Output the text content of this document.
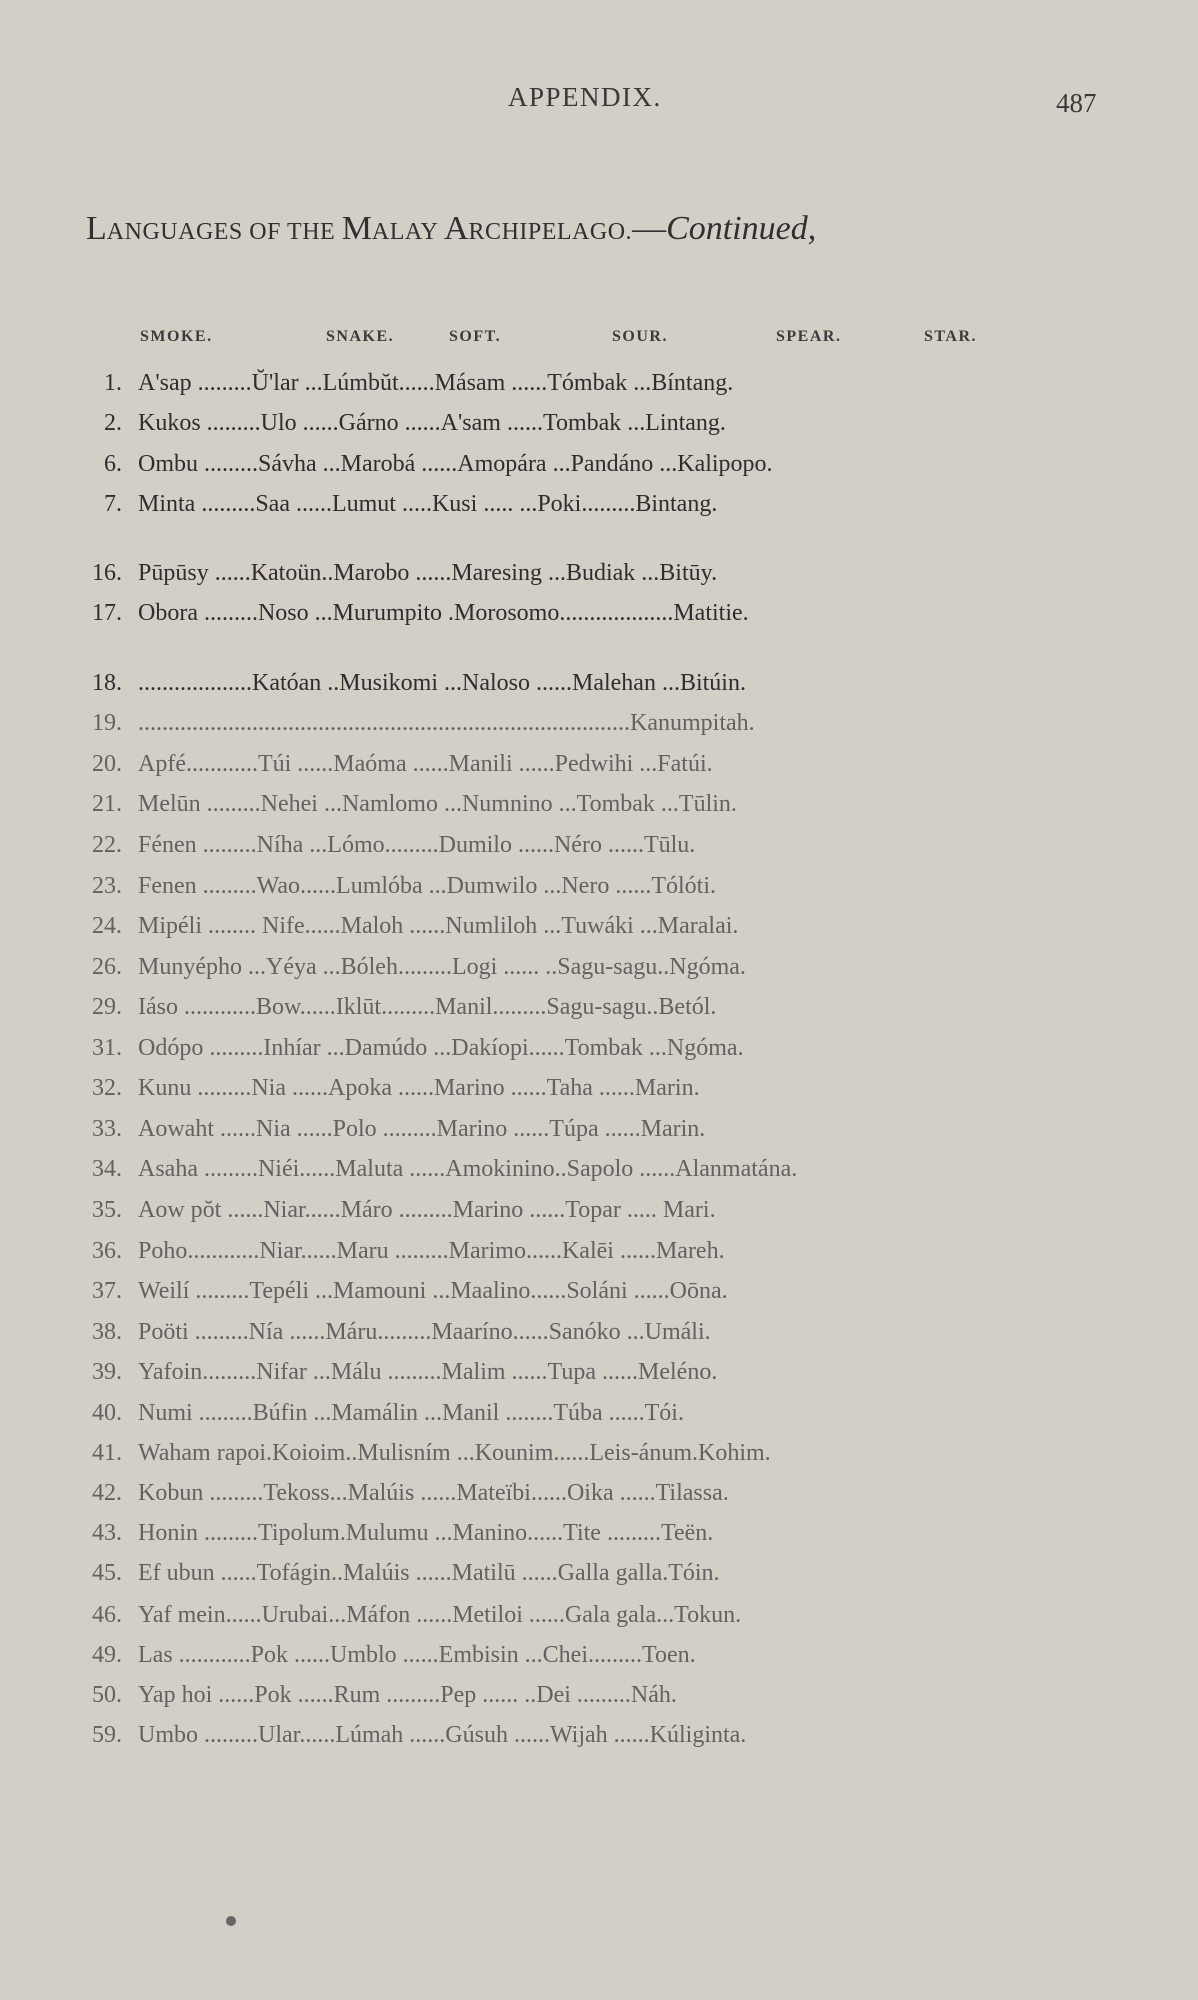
APPENDIX.	487
LANGUAGES OF THE MALAY ARCHIPELAGO.—Continued,
SMOKE.	SNAKE.	SOFT.	SOUR.	SPEAR.	STAR.
1. A'sap .........Ŭ'lar ...Lúmbŭt......Másam ......Tómbak ...Bíntang.
2. Kukos .........Ulo ......Gárno ......A'sam ......Tombak ...Lintang.
6. Ombu .........Sávha ...Marobá ......Amopára ...Pandáno ...Kalipopo.
7. Minta .........Saa ......Lumut .....Kusi ..... ...Poki.........Bintang.
16. Pūpūsy ......Katoün..Marobo ......Maresing ...Budiak ...Bitūy.
17. Obora .........Noso ...Murumpito .Morosomo...................Matitie.
18. ...................Katóan ..Musikomi ...Naloso ......Malehan ...Bitúin.
19. ..................................................................................Kanumpitah.
20. Apfé............Túi ......Maóma ......Manili ......Pedwihi ...Fatúi.
21. Melūn .........Nehei ...Namlomo ...Numnino ...Tombak ...Tūlin.
22. Fénen .........Níha ...Lómo.........Dumilo ......Néro ......Tūlu.
23. Fenen .........Wao......Lumlóba ...Dumwilo ...Nero ......Tólóti.
24. Mipéli ........ Nife......Maloh ......Numliloh ...Tuwáki ...Maralai.
26. Munyépho ...Yéya ...Bóleh.........Logi ...... ..Sagu-sagu..Ngóma.
29. Iáso ............Bow......Iklūt.........Manil.........Sagu-sagu..Betól.
31. Odópo .........Inhíar ...Damúdo ...Dakíopi......Tombak ...Ngóma.
32. Kunu .........Nia ......Apoka ......Marino ......Taha ......Marin.
33. Aowaht ......Nia ......Polo .........Marino ......Túpa ......Marin.
34. Asaha .........Niéi......Maluta ......Amokinino..Sapolo ......Alanmatána.
35. Aow pŏt ......Niar......Máro .........Marino ......Topar ..... Mari.
36. Poho............Niar......Maru .........Marimo......Kalēi ......Mareh.
37. Weilí .........Tepéli ...Mamouni ...Maalino......Soláni ......Oōna.
38. Poöti .........Nía ......Máru.........Maaríno......Sanóko ...Umáli.
39. Yafoin.........Nifar ...Málu .........Malim ......Tupa ......Meléno.
40. Numi .........Búfin ...Mamálin ...Manil ........Túba ......Tói.
41. Waham rapoi.Koioim..Mulisním ...Kounim......Leis-ánum.Kohim.
42. Kobun .........Tekoss...Malúis ......Mateïbi......Oika ......Tilassa.
43. Honin .........Tipolum.Mulumu ...Manino......Tite .........Teën.
45. Ef ubun ......Tofágin..Malúis ......Matilū ......Galla galla.Tóin.
46. Yaf mein......Urubai...Máfon ......Metiloi ......Gala gala...Tokun.
49. Las ............Pok ......Umblo ......Embisin ...Chei.........Toen.
50. Yap hoi ......Pok ......Rum .........Pep ...... ..Dei .........Náh.
59. Umbo .........Ular......Lúmah ......Gúsuh ......Wijah ......Kúliginta.
